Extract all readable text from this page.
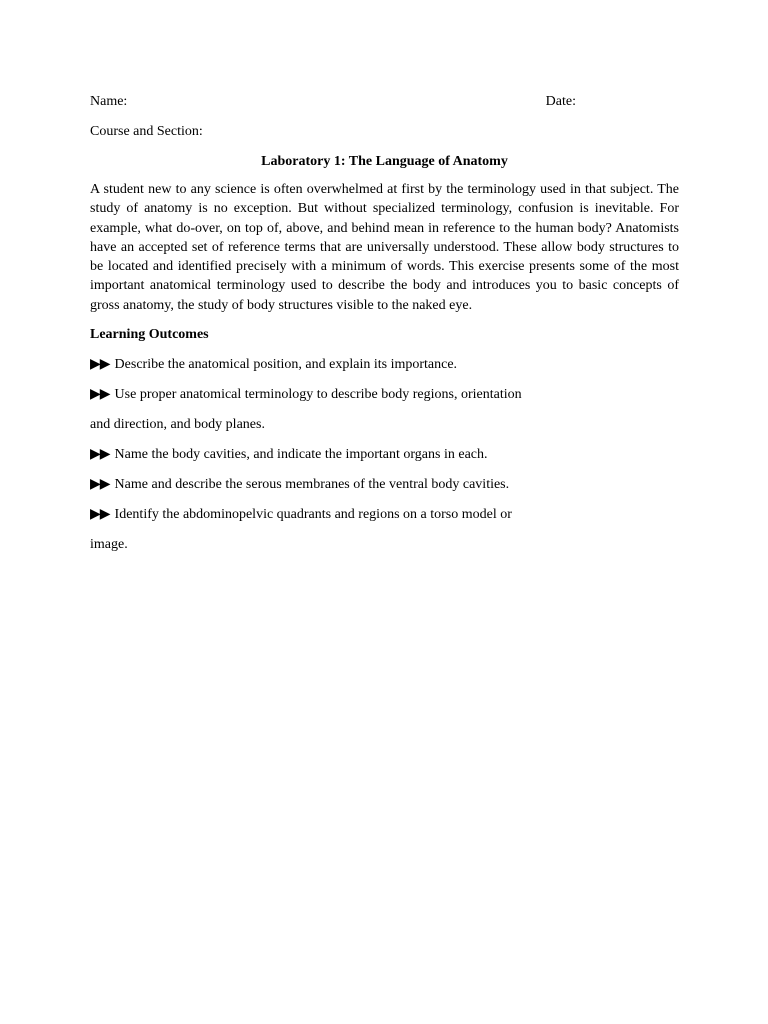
Name:	Date:
Course and Section:
Laboratory 1: The Language of Anatomy
A student new to any science is often overwhelmed at first by the terminology used in that subject. The study of anatomy is no exception. But without specialized terminology, confusion is inevitable. For example, what do-over, on top of, above, and behind mean in reference to the human body? Anatomists have an accepted set of reference terms that are universally understood. These allow body structures to be located and identified precisely with a minimum of words. This exercise presents some of the most important anatomical terminology used to describe the body and introduces you to basic concepts of gross anatomy, the study of body structures visible to the naked eye.
Learning Outcomes
▶▶ Describe the anatomical position, and explain its importance.
▶▶ Use proper anatomical terminology to describe body regions, orientation
and direction, and body planes.
▶▶ Name the body cavities, and indicate the important organs in each.
▶▶ Name and describe the serous membranes of the ventral body cavities.
▶▶ Identify the abdominopelvic quadrants and regions on a torso model or
image.
